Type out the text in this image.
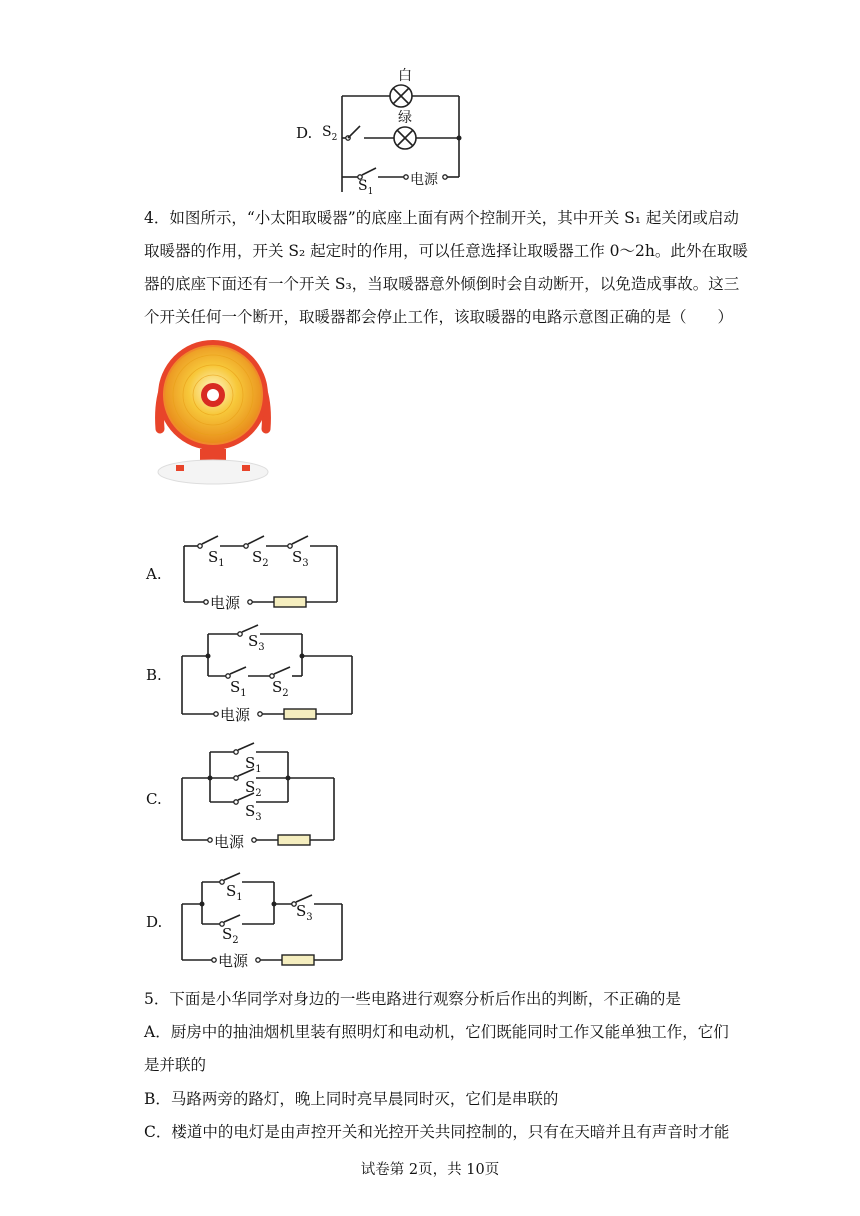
D.
白
绿
$S_2$
$S_1$
电源
4．如图所示，“小太阳取暖器”的底座上面有两个控制开关，其中开关 S₁ 起关闭或启动
取暖器的作用，开关 S₂ 起定时的作用，可以任意选择让取暖器工作 0～2h。此外在取暖
器的底座下面还有一个开关 S₃，当取暖器意外倾倒时会自动断开，以免造成事故。这三
个开关任何一个断开，取暖器都会停止工作，该取暖器的电路示意图正确的是（　　）
A.
$S_1$ $S_2$ $S_3$
电源
B.
$S_3$
$S_1$ $S_2$
电源
C.
$S_1$
$S_2$
$S_3$
电源
D.
$S_1$
$S_2$
$S_3$
电源
5．下面是小华同学对身边的一些电路进行观察分析后作出的判断，不正确的是
A．厨房中的抽油烟机里装有照明灯和电动机，它们既能同时工作又能单独工作，它们
是并联的
B．马路两旁的路灯，晚上同时亮早晨同时灭，它们是串联的
C．楼道中的电灯是由声控开关和光控开关共同控制的，只有在天暗并且有声音时才能
试卷第 2页，共 10页
